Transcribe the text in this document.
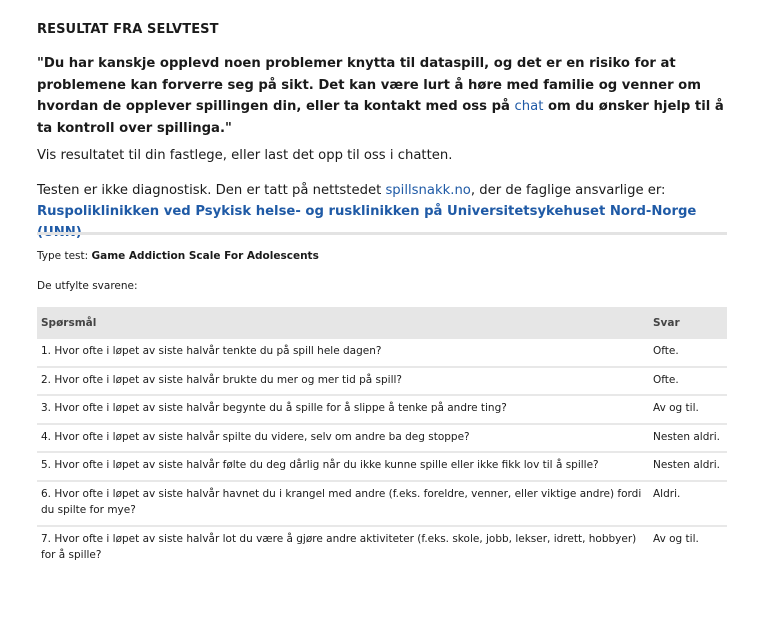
RESULTAT FRA SELVTEST
"Du har kanskje opplevd noen problemer knytta til dataspill, og det er en risiko for at problemene kan forverre seg på sikt. Det kan være lurt å høre med familie og venner om hvordan de opplever spillingen din, eller ta kontakt med oss på chat om du ønsker hjelp til å ta kontroll over spillinga."
Vis resultatet til din fastlege, eller last det opp til oss i chatten.
Testen er ikke diagnostisk. Den er tatt på nettstedet spillsnakk.no, der de faglige ansvarlige er:
Ruspoliklinikken ved Psykisk helse- og rusklinikken på Universitetsykehuset Nord-Norge
Type test: Game Addiction Scale For Adolescents
De utfylte svarene:
Spørsmål	Svar
1. Hvor ofte i løpet av siste halvår tenkte du på spill hele dagen?	Ofte.
2. Hvor ofte i løpet av siste halvår brukte du mer og mer tid på spill?	Ofte.
3. Hvor ofte i løpet av siste halvår begynte du å spille for å slippe å tenke på andre ting?	Av og til.
4. Hvor ofte i løpet av siste halvår spilte du videre, selv om andre ba deg stoppe?	Nesten aldri.
5. Hvor ofte i løpet av siste halvår følte du deg dårlig når du ikke kunne spille eller ikke fikk lov til å spille?	Nesten aldri.
6. Hvor ofte i løpet av siste halvår havnet du i krangel med andre (f.eks. foreldre, venner, eller viktige andre) fordi du spilte for mye?	Aldri.
7. Hvor ofte i løpet av siste halvår lot du være å gjøre andre aktiviteter (f.eks. skole, jobb, lekser, idrett, hobbyer) for å spille?	Av og til.
